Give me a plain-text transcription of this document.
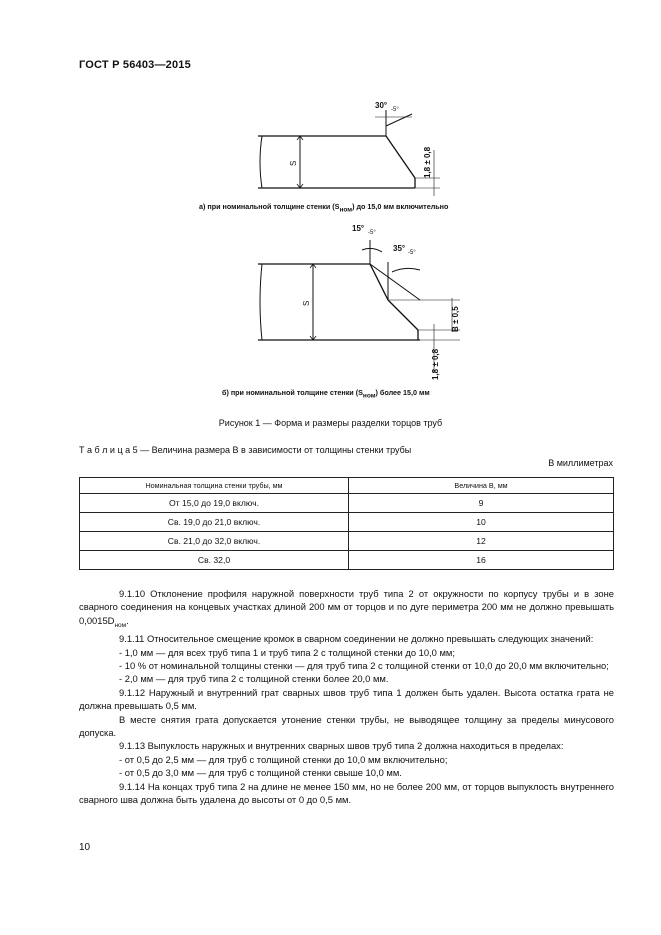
ГОСТ Р 56403—2015
30° -5°
S	1,8 ± 0,8
15° -5°
35° -5°
S
B ± 0,5
1,8 ± 0,8
а) при номинальной толщине стенки $(S_{ном})$ до 15,0 мм включительно
б) при номинальной толщине стенки $(S_{ном})$ более 15,0 мм
Рисунок 1 — Форма и размеры разделки торцов труб
Т а б л и ц а 5 — Величина размера B в зависимости от толщины стенки трубы
В миллиметрах
Номинальная толщина стенки трубы, мм	Величина B, мм
От 15,0 до 19,0 включ.	9
Св. 19,0 до 21,0 включ.	10
Св. 21,0 до 32,0 включ.	12
Св. 32,0	16

9.1.10 Отклонение профиля наружной поверхности труб типа 2 от окружности по корпусу трубы и в зоне сварного соединения на концевых участках длиной 200 мм от торцов и по дуге периметра 200 мм не должно превышать $0,0015D_{ном}$.

9.1.11 Относительное смещение кромок в сварном соединении не должно превышать следующих значений:

- 1,0 мм — для всех труб типа 1 и труб типа 2 с толщиной стенки до 10,0 мм;

- 10 % от номинальной толщины стенки — для труб типа 2 с толщиной стенки от 10,0 до 20,0 мм включительно;

- 2,0 мм — для труб типа 2 с толщиной стенки более 20,0 мм.

9.1.12 Наружный и внутренний грат сварных швов труб типа 1 должен быть удален. Высота остатка грата не должна превышать 0,5 мм.

В месте снятия грата допускается утонение стенки трубы, не выводящее толщину за пределы минусового допуска.

9.1.13 Выпуклость наружных и внутренних сварных швов труб типа 2 должна находиться в пределах:

- от 0,5 до 2,5 мм — для труб с толщиной стенки до 10,0 мм включительно;

- от 0,5 до 3,0 мм — для труб с толщиной стенки свыше 10,0 мм.

9.1.14 На концах труб типа 2 на длине не менее 150 мм, но не более 200 мм, от торцов выпуклость внутреннего сварного шва должна быть удалена до высоты от 0 до 0,5 мм.

10
